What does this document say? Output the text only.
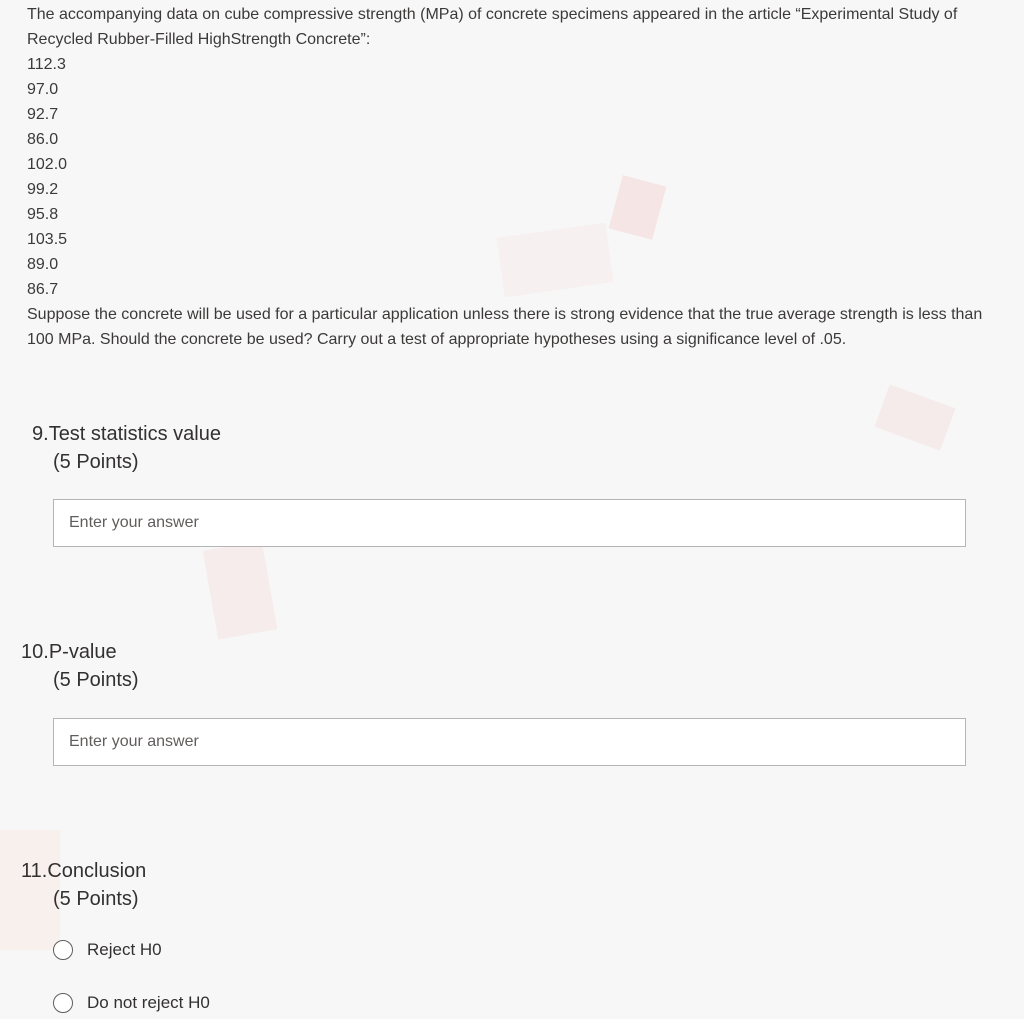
The accompanying data on cube compressive strength (MPa) of concrete specimens appeared in the article “Experimental Study of Recycled Rubber-Filled HighStrength Concrete”:

112.3
97.0
92.7
86.0
102.0
99.2
95.8
103.5
89.0
86.7

Suppose the concrete will be used for a particular application unless there is strong evidence that the true average strength is less than 100 MPa. Should the concrete be used? Carry out a test of appropriate hypotheses using a significance level of .05.

9.Test statistics value
(5 Points)
Enter your answer
10.P-value
(5 Points)
Enter your answer
11.Conclusion
(5 Points)
Reject H0
Do not reject H0
